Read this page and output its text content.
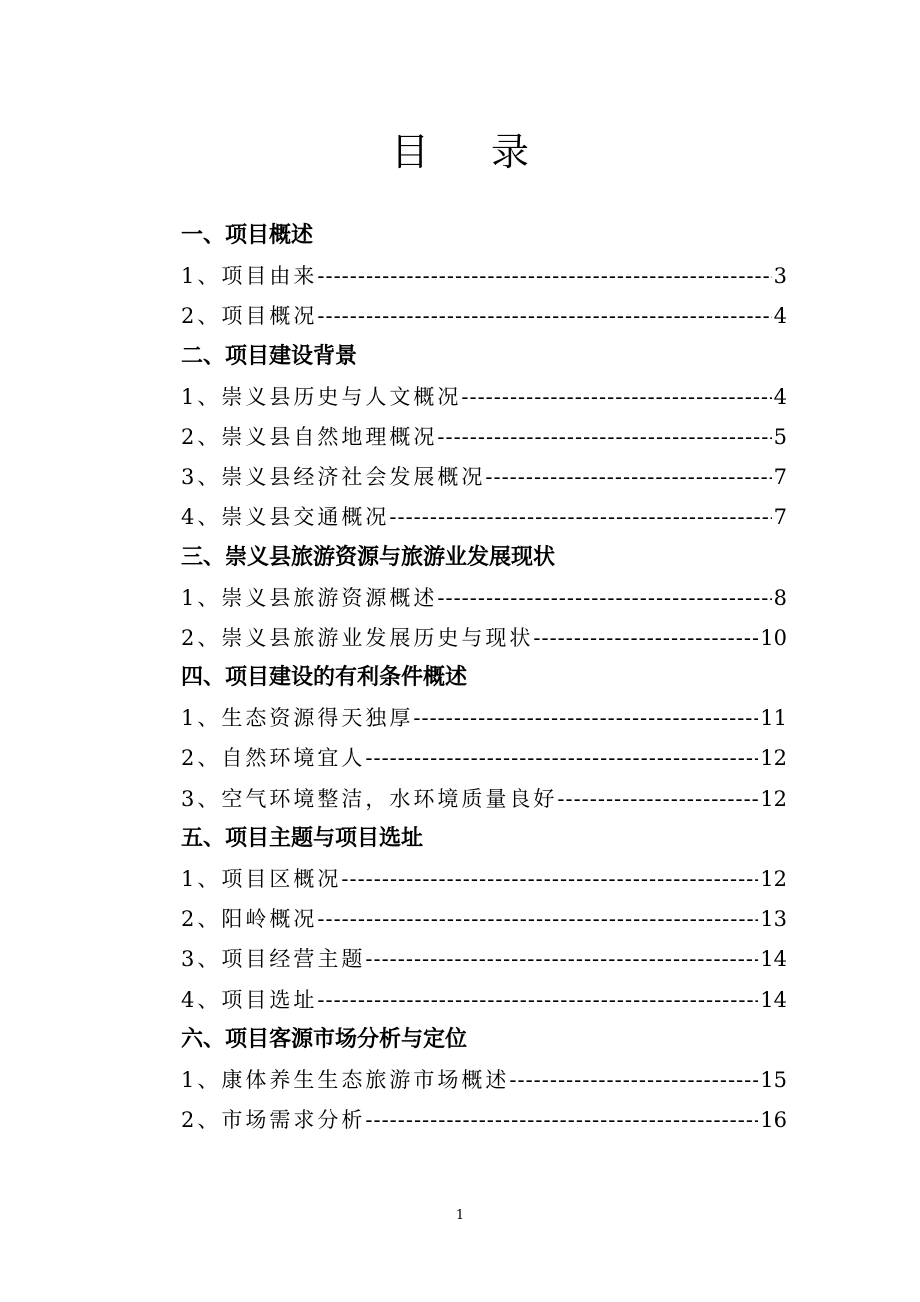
目录
一、项目概述
1、项目由来 -----	3
2、项目概况 -----	4
二、项目建设背景
1、崇义县历史与人文概况 -----	4
2、崇义县自然地理概况 -----	5
3、崇义县经济社会发展概况 -----	7
4、崇义县交通概况 -----	7
三、崇义县旅游资源与旅游业发展现状
1、崇义县旅游资源概述 -----	8
2、崇义县旅游业发展历史与现状 -----	10
四、项目建设的有利条件概述
1、生态资源得天独厚 -----	11
2、自然环境宜人 -----	12
3、空气环境整洁，水环境质量良好 -----	12
五、项目主题与项目选址
1、项目区概况 -----	12
2、阳岭概况 -----	13
3、项目经营主题 -----	14
4、项目选址 -----	14
六、项目客源市场分析与定位
1、康体养生生态旅游市场概述 -----	15
2、市场需求分析 -----	16
1
